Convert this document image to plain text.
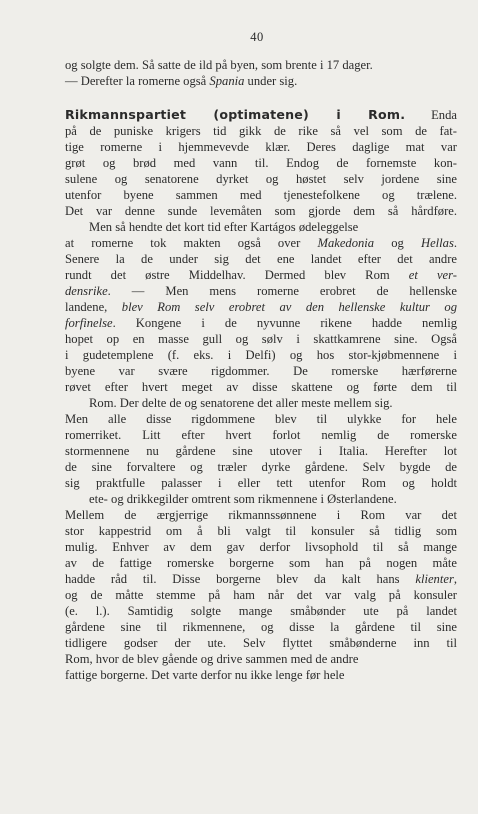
40
og solgte dem. Så satte de ild på byen, som brente i 17 dager.
— Derefter la romerne også Spania under sig.
Rikmannspartiet (optimatene) i Rom. Enda
på de puniske krigers tid gikk de rike så vel som de fat-
tige romerne i hjemmevevde klær. Deres daglige mat var
grøt og brød med vann til. Endog de fornemste kon-
sulene og senatorene dyrket og høstet selv jordene sine
utenfor byene sammen med tjenestefolkene og trælene.
Det var denne sunde levemåten som gjorde dem så hårdføre.
Men så hendte det kort tid efter Kartágos ødeleggelse
at romerne tok makten også over Makedonia og Hellas.
Senere la de under sig det ene landet efter det andre
rundt det østre Middelhav. Dermed blev Rom et ver-
densrike. — Men mens romerne erobret de hellenske
landene, blev Rom selv erobret av den hellenske kultur og
forfinelse. Kongene i de nyvunne rikene hadde nemlig
hopet op en masse gull og sølv i skattkamrene sine. Også
i gudetemplene (f. eks. i Delfi) og hos stor-kjøbmennene i
byene var svære rigdommer. De romerske hærførerne
røvet efter hvert meget av disse skattene og førte dem til
Rom. Der delte de og senatorene det aller meste mellem sig.
Men alle disse rigdommene blev til ulykke for hele
romerriket. Litt efter hvert forlot nemlig de romerske
stormennene nu gårdene sine utover i Italia. Herefter lot
de sine forvaltere og træler dyrke gårdene. Selv bygde de
sig praktfulle palasser i eller tett utenfor Rom og holdt
ete- og drikkegilder omtrent som rikmennene i Østerlandene.
Mellem de ærgjerrige rikmannssønnene i Rom var det
stor kappestrid om å bli valgt til konsuler så tidlig som
mulig. Enhver av dem gav derfor livsophold til så mange
av de fattige romerske borgerne som han på nogen måte
hadde råd til. Disse borgerne blev da kalt hans klienter,
og de måtte stemme på ham når det var valg på konsuler
(e. l.). Samtidig solgte mange småbønder ute på landet
gårdene sine til rikmennene, og disse la gårdene til sine
tidligere godser der ute. Selv flyttet småbønderne inn til
Rom, hvor de blev gående og drive sammen med de andre
fattige borgerne. Det varte derfor nu ikke lenge før hele
